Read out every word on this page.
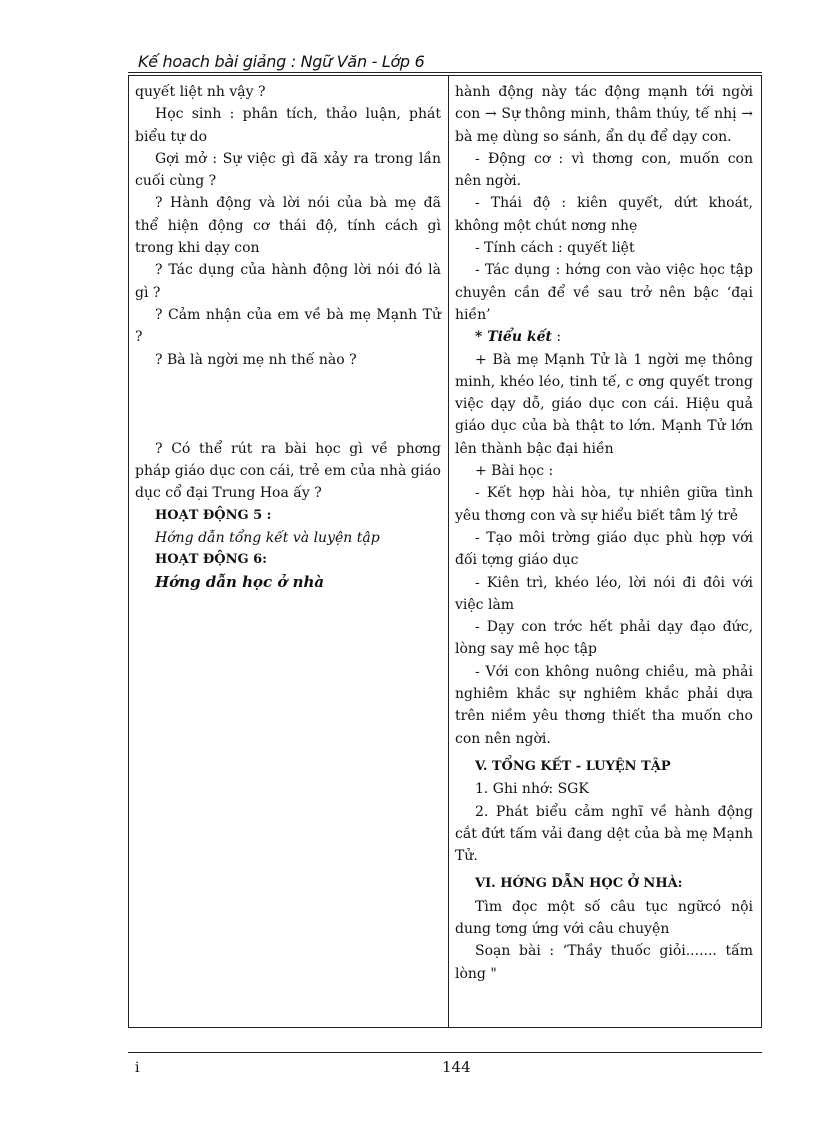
Kế hoach bài giảng : Ngữ Văn - Lớp 6

quyết liệt nh vậy ?

Học sinh : phân tích, thảo luận, phát biểu tự do

Gợi mở : Sự việc gì đã xảy ra trong lần cuối cùng ?

? Hành động và lời nói của bà mẹ đã thể hiện động cơ thái độ, tính cách gì trong khi dạy con

? Tác dụng của hành động lời nói đó là gì ?

? Cảm nhận của em về bà mẹ Mạnh Tử ?

? Bà là ngời mẹ nh thế nào ?

? Có thể rút ra bài học gì về phơng pháp giáo dục con cái, trẻ em của nhà giáo dục cổ đại Trung Hoa ấy ?

HOẠT ĐỘNG 5 :

Hớng dẫn tổng kết và luyện tập

HOẠT ĐỘNG 6:

Hớng dẫn học ở nhà

hành động này tác động mạnh tới ngời con → Sự thông minh, thâm thúy, tế nhị → bà mẹ dùng so sánh, ẩn dụ để dạy con.

- Động cơ : vì thơng con, muốn con nên ngời.

- Thái độ : kiên quyết, dứt khoát, không một chút nơng nhẹ

- Tính cách : quyết liệt

- Tác dụng : hớng con vào việc học tập chuyên cần để về sau trở nên bậc ‘đại hiền’

* Tiểu kết :

+ Bà mẹ Mạnh Tử là 1 ngời mẹ thông minh, khéo léo, tinh tế, c ơng quyết trong việc dạy dỗ, giáo dục con cái. Hiệu quả giáo dục của bà thật to lớn. Mạnh Tử lớn lên thành bậc đại hiền

+ Bài học :

- Kết hợp hài hòa, tự nhiên giữa tình yêu thơng con và sự hiểu biết tâm lý trẻ

- Tạo môi trờng giáo dục phù hợp với đối tợng giáo dục

- Kiên trì, khéo léo, lời nói đi đôi với việc làm

- Dạy con trớc hết phải dạy đạo đức, lòng say mê học tập

- Với con không nuông chiều, mà phải nghiêm khắc sự nghiêm khắc phải dựa trên niềm yêu thơng thiết tha muốn cho con nên ngời.

V. TỔNG KẾT - LUYỆN TẬP

1. Ghi nhớ: SGK

2. Phát biểu cảm nghĩ về hành động cắt đứt tấm vải đang dệt của bà mẹ Mạnh Tử.

VI. HỚNG DẪN HỌC Ở NHÀ:

Tìm đọc một số câu tục ngữcó nội dung tơng ứng với câu chuyện

Soạn bài : ‘Thầy thuốc giỏi....... tấm lòng "

i	144
